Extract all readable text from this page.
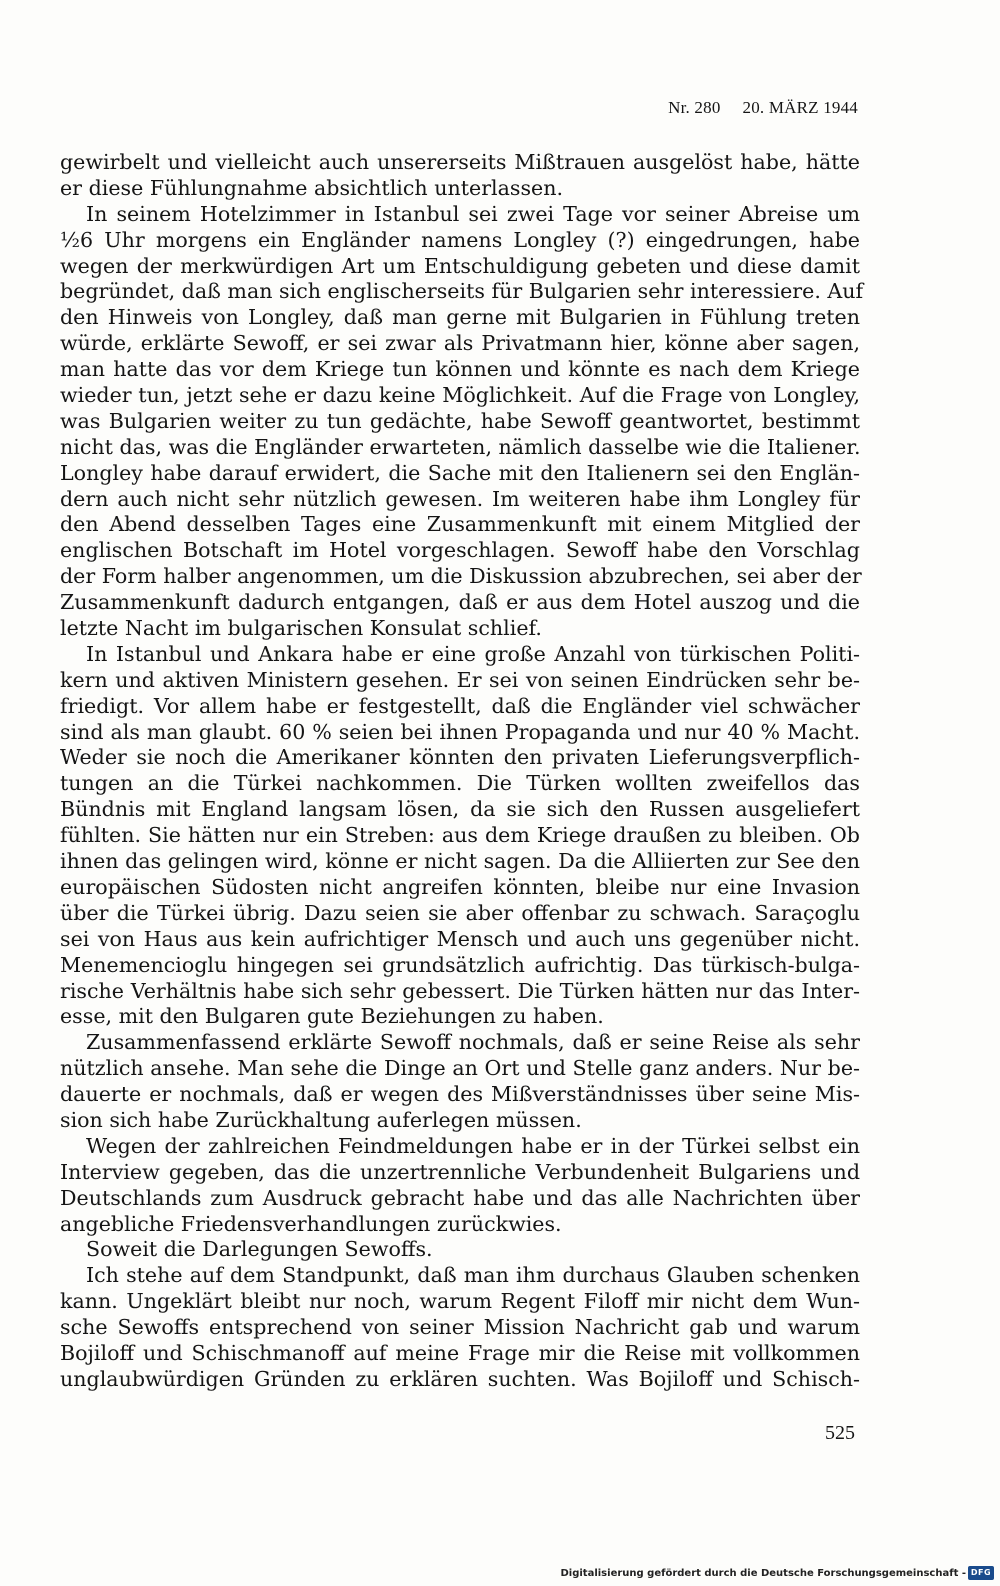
Nr. 280 20. MÄRZ 1944
gewirbelt und vielleicht auch unsererseits Mißtrauen ausgelöst habe, hätte
er diese Fühlungnahme absichtlich unterlassen.
In seinem Hotelzimmer in Istanbul sei zwei Tage vor seiner Abreise um
½6 Uhr morgens ein Engländer namens Longley (?) eingedrungen, habe
wegen der merkwürdigen Art um Entschuldigung gebeten und diese damit
begründet, daß man sich englischerseits für Bulgarien sehr interessiere. Auf
den Hinweis von Longley, daß man gerne mit Bulgarien in Fühlung treten
würde, erklärte Sewoff, er sei zwar als Privatmann hier, könne aber sagen,
man hatte das vor dem Kriege tun können und könnte es nach dem Kriege
wieder tun, jetzt sehe er dazu keine Möglichkeit. Auf die Frage von Longley,
was Bulgarien weiter zu tun gedächte, habe Sewoff geantwortet, bestimmt
nicht das, was die Engländer erwarteten, nämlich dasselbe wie die Italiener.
Longley habe darauf erwidert, die Sache mit den Italienern sei den Englän-
dern auch nicht sehr nützlich gewesen. Im weiteren habe ihm Longley für
den Abend desselben Tages eine Zusammenkunft mit einem Mitglied der
englischen Botschaft im Hotel vorgeschlagen. Sewoff habe den Vorschlag
der Form halber angenommen, um die Diskussion abzubrechen, sei aber der
Zusammenkunft dadurch entgangen, daß er aus dem Hotel auszog und die
letzte Nacht im bulgarischen Konsulat schlief.
In Istanbul und Ankara habe er eine große Anzahl von türkischen Politi-
kern und aktiven Ministern gesehen. Er sei von seinen Eindrücken sehr be-
friedigt. Vor allem habe er festgestellt, daß die Engländer viel schwächer
sind als man glaubt. 60 % seien bei ihnen Propaganda und nur 40 % Macht.
Weder sie noch die Amerikaner könnten den privaten Lieferungsverpflich-
tungen an die Türkei nachkommen. Die Türken wollten zweifellos das
Bündnis mit England langsam lösen, da sie sich den Russen ausgeliefert
fühlten. Sie hätten nur ein Streben: aus dem Kriege draußen zu bleiben. Ob
ihnen das gelingen wird, könne er nicht sagen. Da die Alliierten zur See den
europäischen Südosten nicht angreifen könnten, bleibe nur eine Invasion
über die Türkei übrig. Dazu seien sie aber offenbar zu schwach. Saraçoglu
sei von Haus aus kein aufrichtiger Mensch und auch uns gegenüber nicht.
Menemencioglu hingegen sei grundsätzlich aufrichtig. Das türkisch-bulga-
rische Verhältnis habe sich sehr gebessert. Die Türken hätten nur das Inter-
esse, mit den Bulgaren gute Beziehungen zu haben.
Zusammenfassend erklärte Sewoff nochmals, daß er seine Reise als sehr
nützlich ansehe. Man sehe die Dinge an Ort und Stelle ganz anders. Nur be-
dauerte er nochmals, daß er wegen des Mißverständnisses über seine Mis-
sion sich habe Zurückhaltung auferlegen müssen.
Wegen der zahlreichen Feindmeldungen habe er in der Türkei selbst ein
Interview gegeben, das die unzertrennliche Verbundenheit Bulgariens und
Deutschlands zum Ausdruck gebracht habe und das alle Nachrichten über
angebliche Friedensverhandlungen zurückwies.
Soweit die Darlegungen Sewoffs.
Ich stehe auf dem Standpunkt, daß man ihm durchaus Glauben schenken
kann. Ungeklärt bleibt nur noch, warum Regent Filoff mir nicht dem Wun-
sche Sewoffs entsprechend von seiner Mission Nachricht gab und warum
Bojiloff und Schischmanoff auf meine Frage mir die Reise mit vollkommen
unglaubwürdigen Gründen zu erklären suchten. Was Bojiloff und Schisch-
525
Digitalisierung gefördert durch die Deutsche Forschungsgemeinschaft - DFG
